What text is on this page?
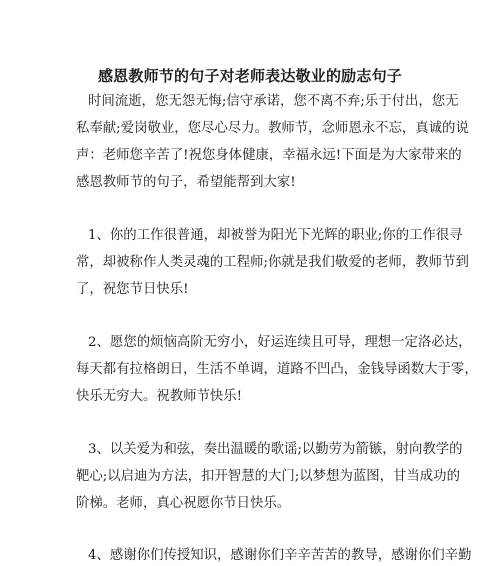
感恩教师节的句子对老师表达敬业的励志句子
时间流逝，您无怨无悔;信守承诺，您不离不弃;乐于付出，您无
私奉献;爱岗敬业，您尽心尽力。教师节，念师恩永不忘，真诚的说
声：老师您辛苦了!祝您身体健康，幸福永远!下面是为大家带来的
感恩教师节的句子，希望能帮到大家!
1、你的工作很普通，却被誉为阳光下光辉的职业;你的工作很寻
常，却被称作人类灵魂的工程师;你就是我们敬爱的老师，教师节到
了，祝您节日快乐!
2、愿您的烦恼高阶无穷小，好运连续且可导，理想一定洛必达，
每天都有拉格朗日，生活不单调，道路不凹凸，金钱导函数大于零，
快乐无穷大。祝教师节快乐!
3、以关爱为和弦，奏出温暖的歌谣;以勤劳为箭镞，射向教学的
靶心;以启迪为方法，扣开智慧的大门;以梦想为蓝图，甘当成功的
阶梯。老师，真心祝愿你节日快乐。
4、感谢你们传授知识，感谢你们辛辛苦苦的教导，感谢你们辛勤
